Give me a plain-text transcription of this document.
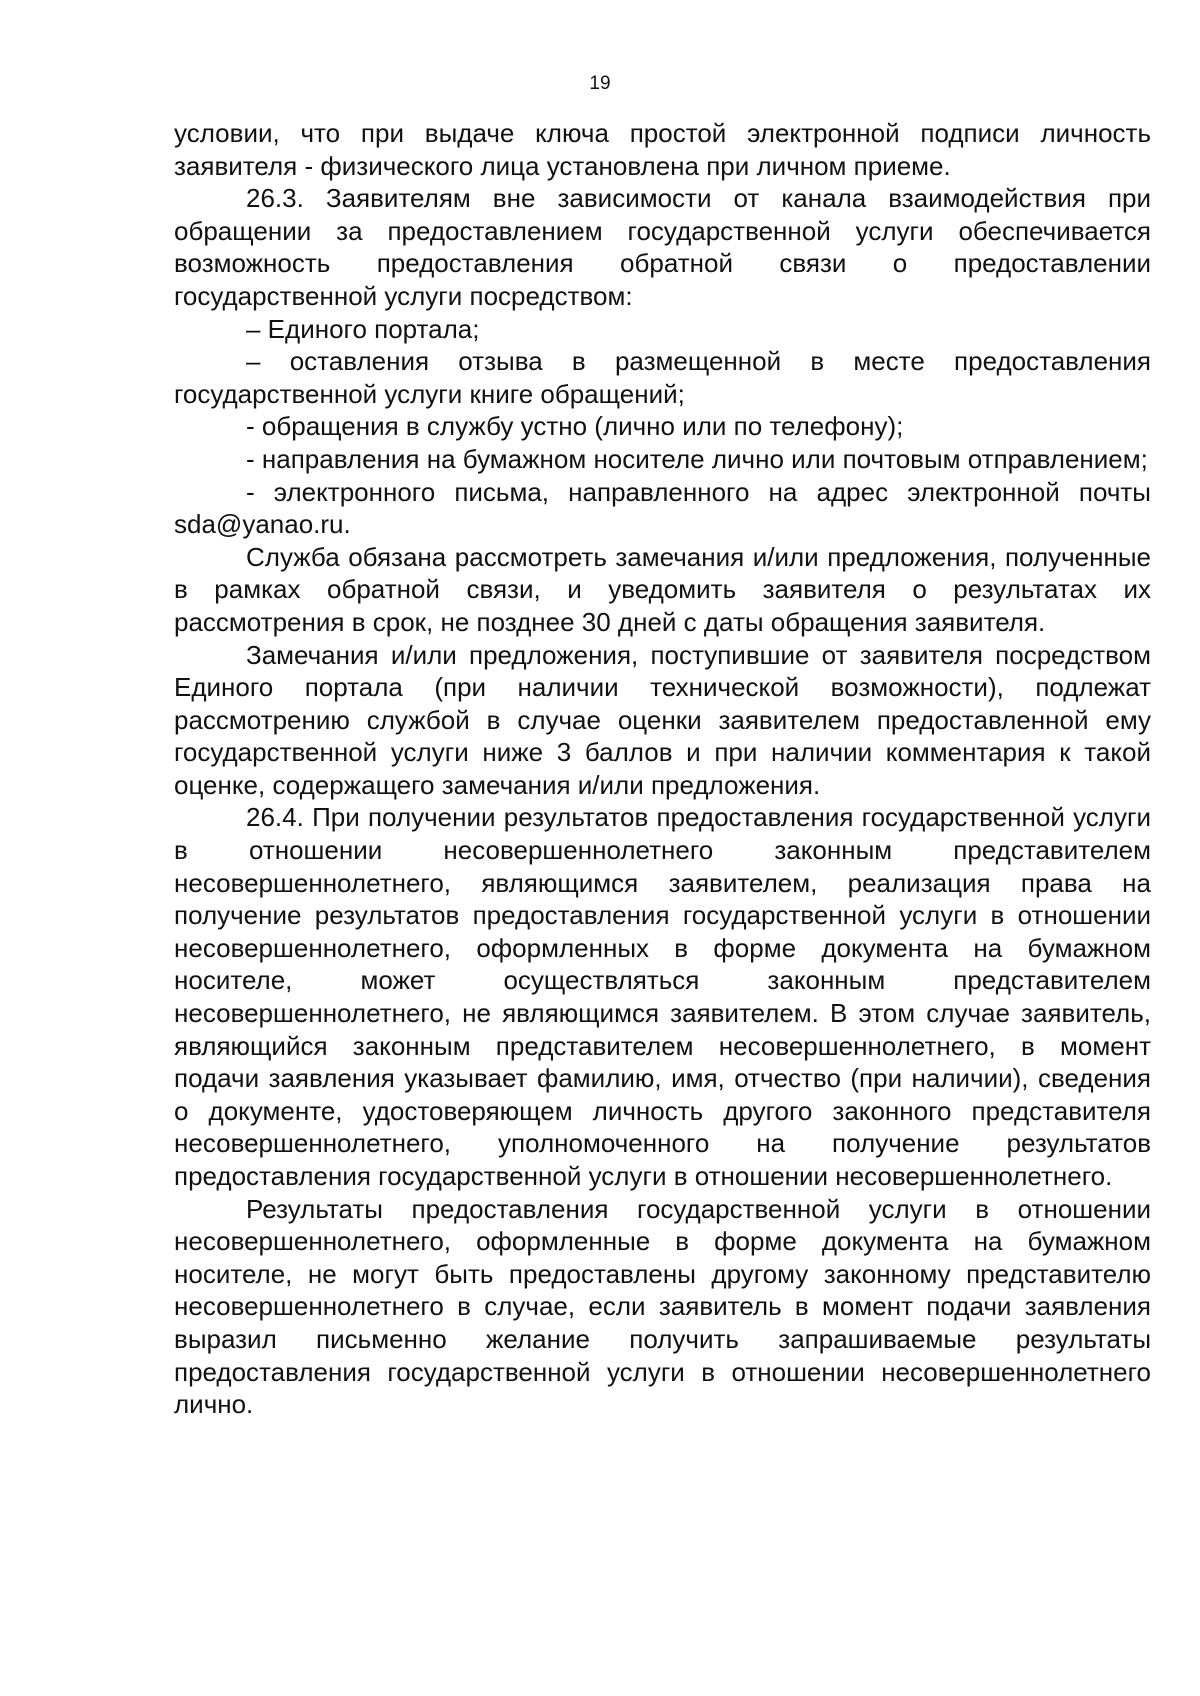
19

условии, что при выдаче ключа простой электронной подписи личность заявителя - физического лица установлена при личном приеме.

26.3. Заявителям вне зависимости от канала взаимодействия при обращении за предоставлением государственной услуги обеспечивается возможность предоставления обратной связи о предоставлении государственной услуги посредством:

– Единого портала;

– оставления отзыва в размещенной в месте предоставления государственной услуги книге обращений;

- обращения в службу устно (лично или по телефону);

- направления на бумажном носителе лично или почтовым отправлением;

- электронного письма, направленного на адрес электронной почты sda@yanao.ru.

Служба обязана рассмотреть замечания и/или предложения, полученные в рамках обратной связи, и уведомить заявителя о результатах их рассмотрения в срок, не позднее 30 дней с даты обращения заявителя.

Замечания и/или предложения, поступившие от заявителя посредством Единого портала (при наличии технической возможности), подлежат рассмотрению службой в случае оценки заявителем предоставленной ему государственной услуги ниже 3 баллов и при наличии комментария к такой оценке, содержащего замечания и/или предложения.

26.4. При получении результатов предоставления государственной услуги в отношении несовершеннолетнего законным представителем несовершеннолетнего, являющимся заявителем, реализация права на получение результатов предоставления государственной услуги в отношении несовершеннолетнего, оформленных в форме документа на бумажном носителе, может осуществляться законным представителем несовершеннолетнего, не являющимся заявителем. В этом случае заявитель, являющийся законным представителем несовершеннолетнего, в момент подачи заявления указывает фамилию, имя, отчество (при наличии), сведения о документе, удостоверяющем личность другого законного представителя несовершеннолетнего, уполномоченного на получение результатов предоставления государственной услуги в отношении несовершеннолетнего.

Результаты предоставления государственной услуги в отношении несовершеннолетнего, оформленные в форме документа на бумажном носителе, не могут быть предоставлены другому законному представителю несовершеннолетнего в случае, если заявитель в момент подачи заявления выразил письменно желание получить запрашиваемые результаты предоставления государственной услуги в отношении несовершеннолетнего лично.
